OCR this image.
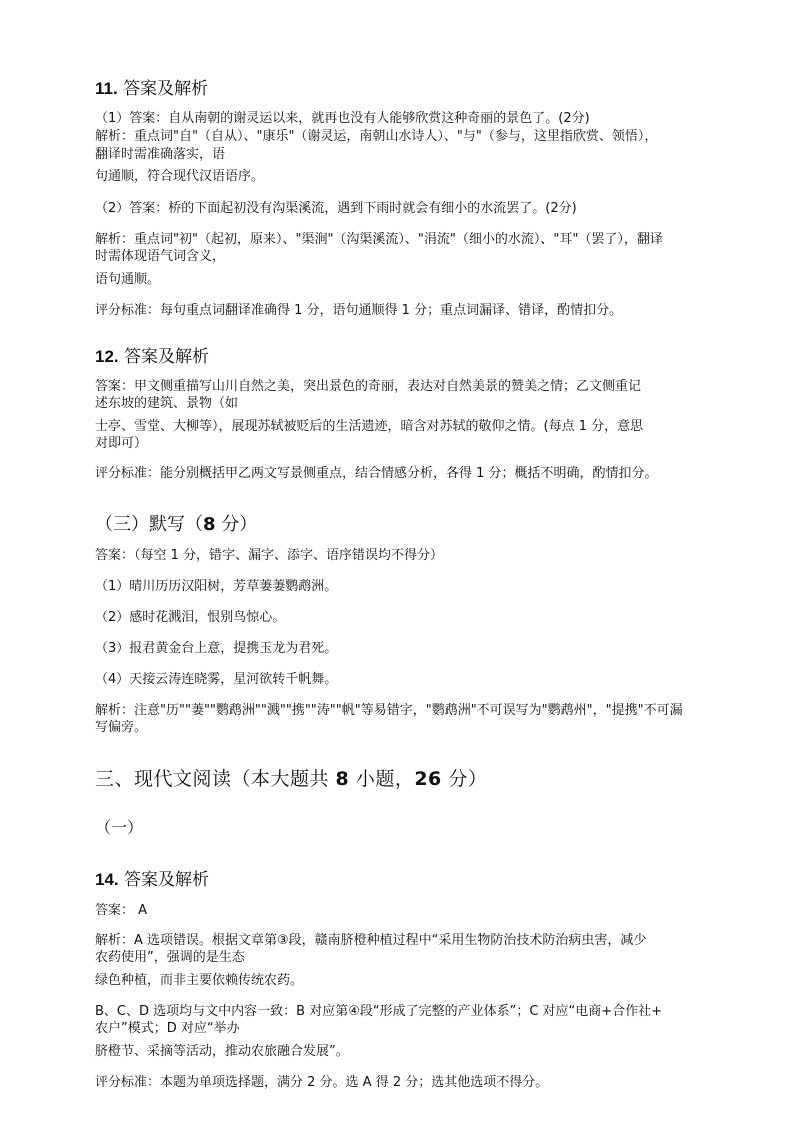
11. 答案及解析

（1）答案：自从南朝的谢灵运以来，就再也没有人能够欣赏这种奇丽的景色了。(2分)

解析：重点词"自"（自从）、"康乐"（谢灵运，南朝山水诗人）、"与"（参与，这里指欣赏、领悟），

翻译时需准确落实，语

句通顺，符合现代汉语语序。

（2）答案：桥的下面起初没有沟渠溪流，遇到下雨时就会有细小的水流罢了。(2分)

解析：重点词"初"（起初，原来）、"渠涧"（沟渠溪流）、"涓流"（细小的水流）、"耳"（罢了），翻译

时需体现语气词含义，

语句通顺。

评分标准：每句重点词翻译准确得 1 分，语句通顺得 1 分；重点词漏译、错译，酌情扣分。

12. 答案及解析

答案：甲文侧重描写山川自然之美，突出景色的奇丽，表达对自然美景的赞美之情；乙文侧重记

述东坡的建筑、景物（如

士亭、雪堂、大柳等），展现苏轼被贬后的生活遗迹，暗含对苏轼的敬仰之情。(每点 1 分，意思

对即可）

评分标准：能分别概括甲乙两文写景侧重点，结合情感分析，各得 1 分；概括不明确，酌情扣分。

（三）默写（8 分）

答案：（每空 1 分，错字、漏字、添字、语序错误均不得分）

（1）晴川历历汉阳树，芳草萋萋鹦鹉洲。

（2）感时花溅泪，恨别鸟惊心。

（3）报君黄金台上意，提携玉龙为君死。

（4）天接云涛连晓雾，星河欲转千帆舞。

解析：注意"历""萋""鹦鹉洲""溅""携""涛""帆"等易错字，"鹦鹉洲"不可误写为"鹦鹉州"，"提携"不可漏

写偏旁。

三、现代文阅读（本大题共 8 小题，26 分）
（一）
14. 答案及解析

答案： A

解析：A 选项错误。根据文章第③段，赣南脐橙种植过程中“采用生物防治技术防治病虫害，减少

农药使用”，强调的是生态

绿色种植，而非主要依赖传统农药。

B、C、D 选项均与文中内容一致：B 对应第④段“形成了完整的产业体系”；C 对应“电商+合作社+

农户”模式；D 对应“举办

脐橙节、采摘等活动，推动农旅融合发展”。

评分标准：本题为单项选择题，满分 2 分。选 A 得 2 分；选其他选项不得分。
